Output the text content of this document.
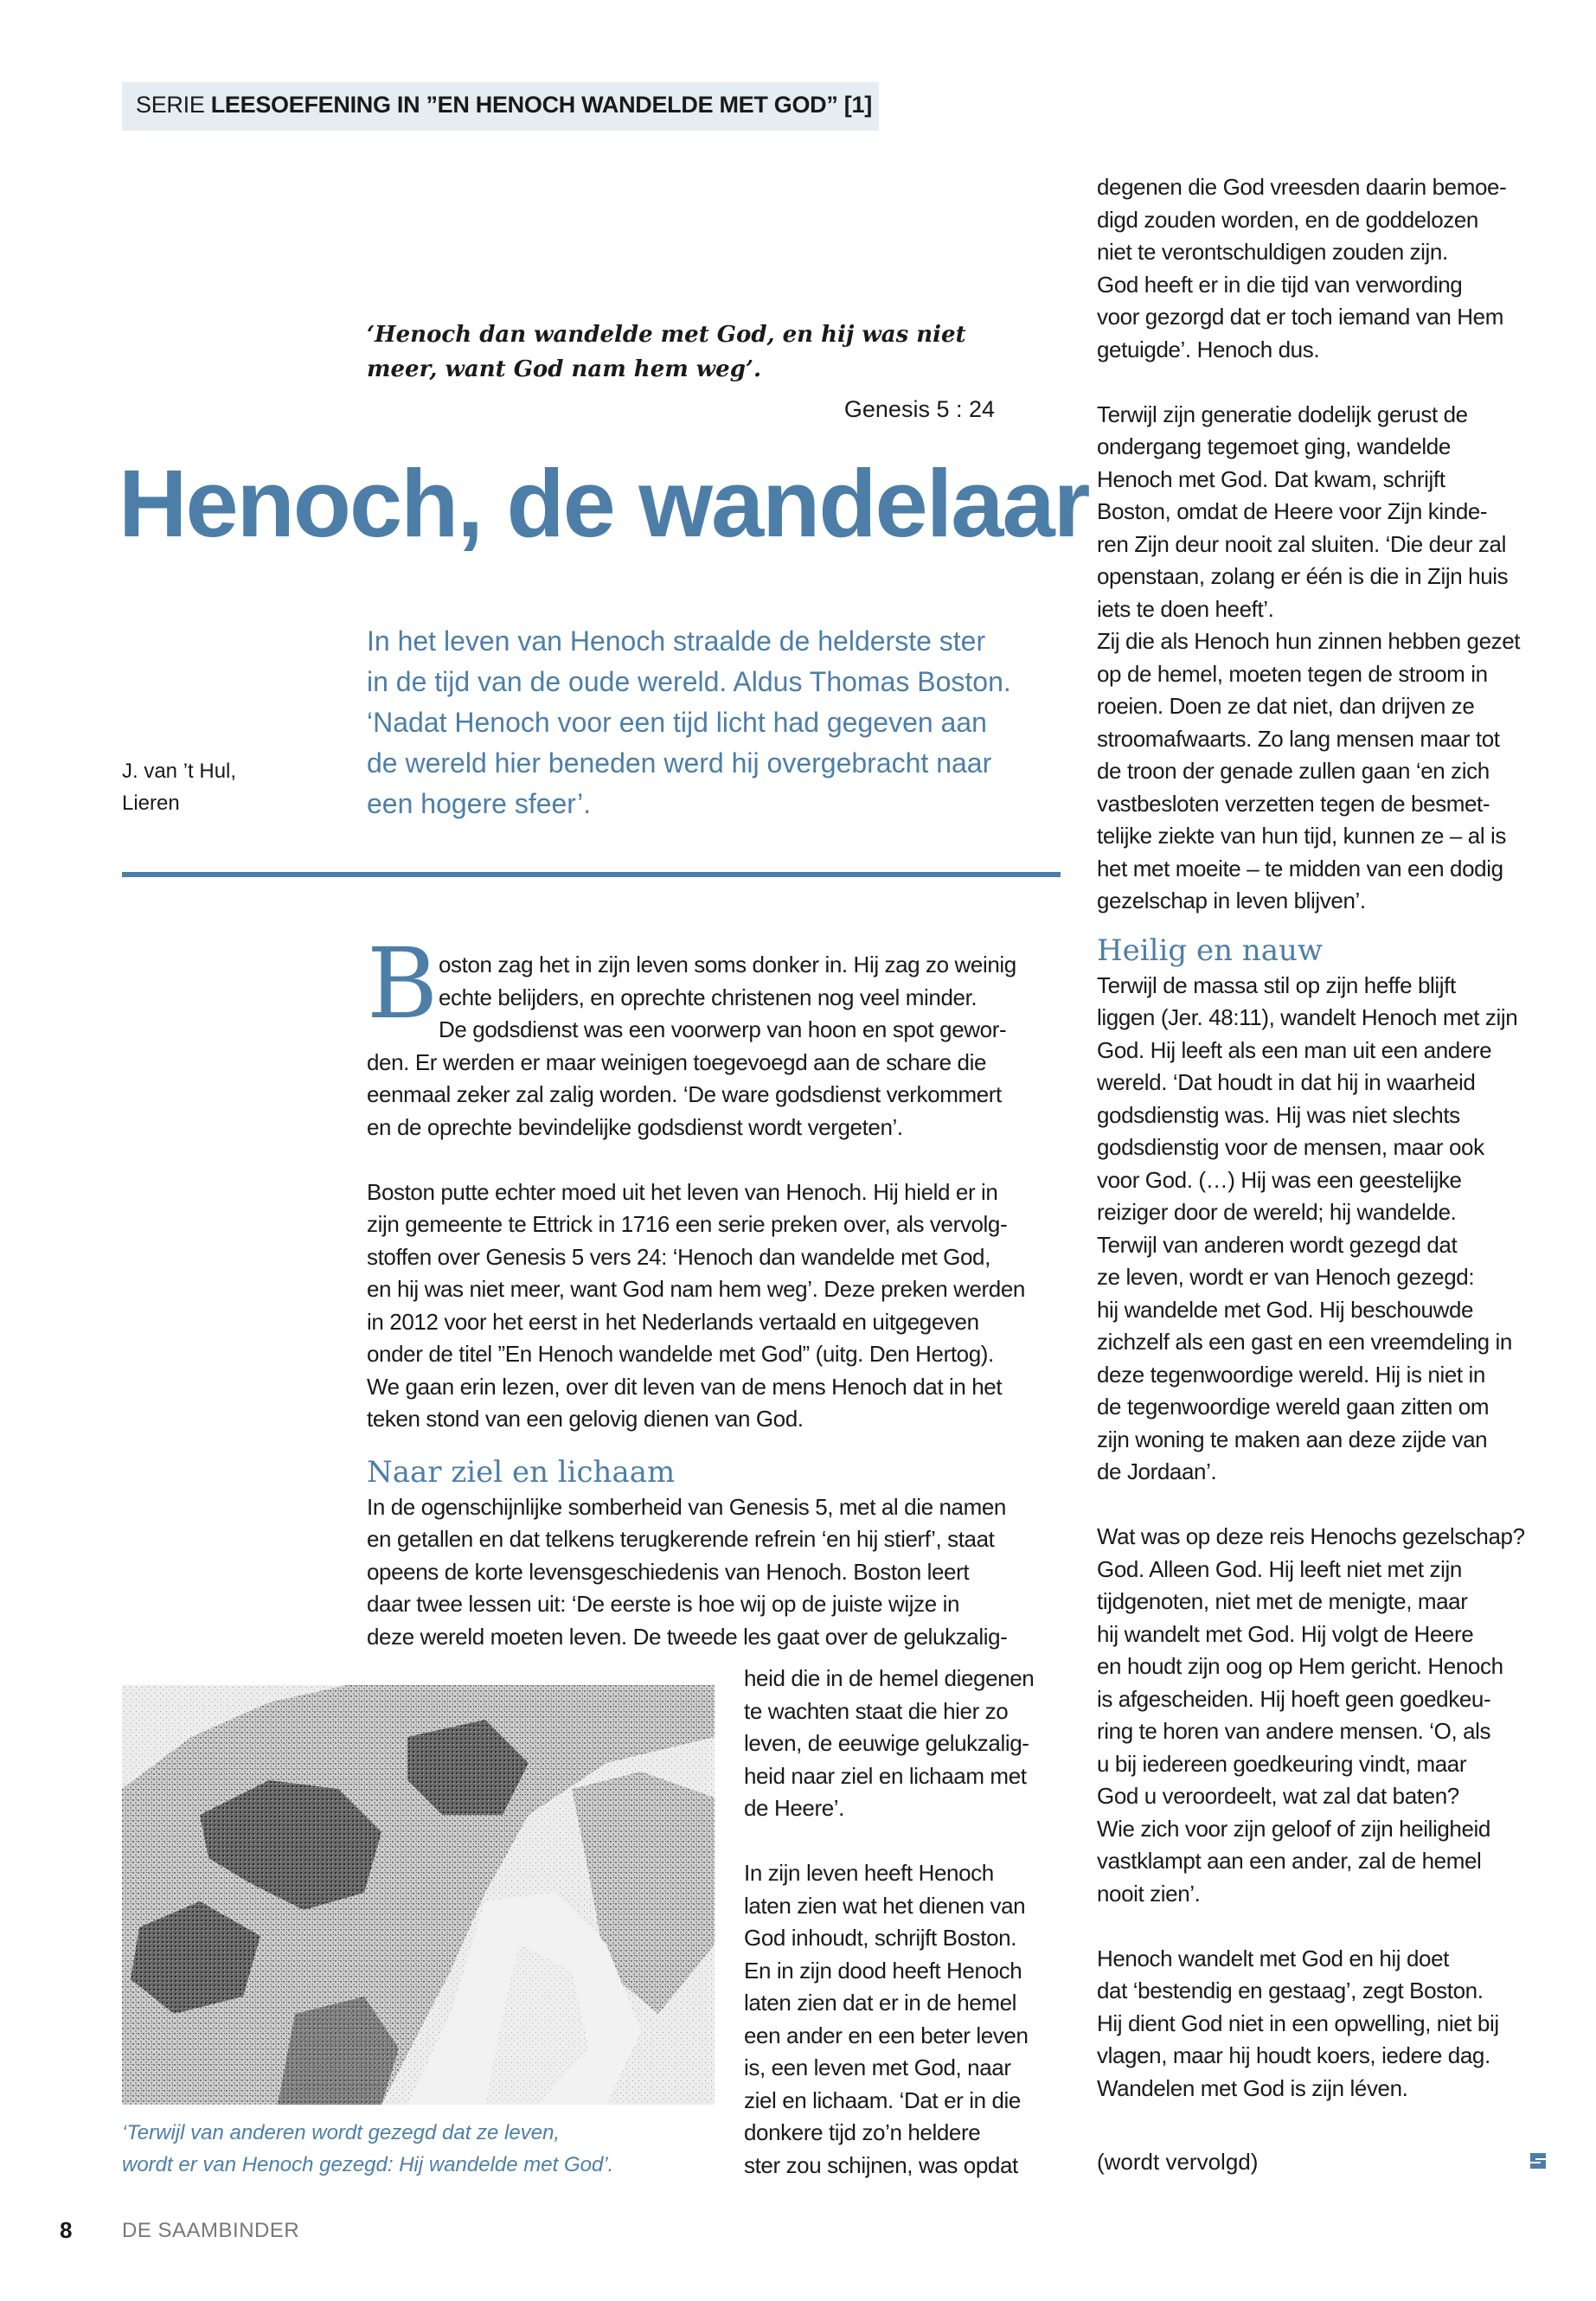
SERIE LEESOEFENING IN ”EN HENOCH WANDELDE MET GOD” [1]
‘Henoch dan wandelde met God, en hij was niet
meer, want God nam hem weg’.
Genesis 5 : 24
Henoch, de wandelaar
In het leven van Henoch straalde de helderste ster
in de tijd van de oude wereld. Aldus Thomas Boston.
‘Nadat Henoch voor een tijd licht had gegeven aan
de wereld hier beneden werd hij overgebracht naar
een hogere sfeer’.
J. van ’t Hul,
Lieren
B oston zag het in zijn leven soms donker in. Hij zag zo weinig
echte belijders, en oprechte christenen nog veel minder.
De godsdienst was een voorwerp van hoon en spot gewor-
den. Er werden er maar weinigen toegevoegd aan de schare die
eenmaal zeker zal zalig worden. ‘De ware godsdienst verkommert
en de oprechte bevindelijke godsdienst wordt vergeten’.
Boston putte echter moed uit het leven van Henoch. Hij hield er in
zijn gemeente te Ettrick in 1716 een serie preken over, als vervolg-
stoffen over Genesis 5 vers 24: ‘Henoch dan wandelde met God,
en hij was niet meer, want God nam hem weg’. Deze preken werden
in 2012 voor het eerst in het Nederlands vertaald en uitgegeven
onder de titel ”En Henoch wandelde met God” (uitg. Den Hertog).
We gaan erin lezen, over dit leven van de mens Henoch dat in het
teken stond van een gelovig dienen van God.
Naar ziel en lichaam
In de ogenschijnlijke somberheid van Genesis 5, met al die namen
en getallen en dat telkens terugkerende refrein ‘en hij stierf’, staat
opeens de korte levensgeschiedenis van Henoch. Boston leert
daar twee lessen uit: ‘De eerste is hoe wij op de juiste wijze in
deze wereld moeten leven. De tweede les gaat over de gelukzalig-
heid die in de hemel diegenen
te wachten staat die hier zo
leven, de eeuwige gelukzalig-
heid naar ziel en lichaam met
de Heere’.
In zijn leven heeft Henoch
laten zien wat het dienen van
God inhoudt, schrijft Boston.
En in zijn dood heeft Henoch
laten zien dat er in de hemel
een ander en een beter leven
is, een leven met God, naar
ziel en lichaam. ‘Dat er in die
donkere tijd zo’n heldere
ster zou schijnen, was opdat
degenen die God vreesden daarin bemoe-
digd zouden worden, en de goddelozen
niet te verontschuldigen zouden zijn.
God heeft er in die tijd van verwording
voor gezorgd dat er toch iemand van Hem
getuigde’. Henoch dus.
Terwijl zijn generatie dodelijk gerust de
ondergang tegemoet ging, wandelde
Henoch met God. Dat kwam, schrijft
Boston, omdat de Heere voor Zijn kinde-
ren Zijn deur nooit zal sluiten. ‘Die deur zal
openstaan, zolang er één is die in Zijn huis
iets te doen heeft’.
Zij die als Henoch hun zinnen hebben gezet
op de hemel, moeten tegen de stroom in
roeien. Doen ze dat niet, dan drijven ze
stroomafwaarts. Zo lang mensen maar tot
de troon der genade zullen gaan ‘en zich
vastbesloten verzetten tegen de besmet-
telijke ziekte van hun tijd, kunnen ze – al is
het met moeite – te midden van een dodig
gezelschap in leven blijven’.
Heilig en nauw
Terwijl de massa stil op zijn heffe blijft
liggen (Jer. 48:11), wandelt Henoch met zijn
God. Hij leeft als een man uit een andere
wereld. ‘Dat houdt in dat hij in waarheid
godsdienstig was. Hij was niet slechts
godsdienstig voor de mensen, maar ook
voor God. (…) Hij was een geestelijke
reiziger door de wereld; hij wandelde.
Terwijl van anderen wordt gezegd dat
ze leven, wordt er van Henoch gezegd:
hij wandelde met God. Hij beschouwde
zichzelf als een gast en een vreemdeling in
deze tegenwoordige wereld. Hij is niet in
de tegenwoordige wereld gaan zitten om
zijn woning te maken aan deze zijde van
de Jordaan’.
Wat was op deze reis Henochs gezelschap?
God. Alleen God. Hij leeft niet met zijn
tijdgenoten, niet met de menigte, maar
hij wandelt met God. Hij volgt de Heere
en houdt zijn oog op Hem gericht. Henoch
is afgescheiden. Hij hoeft geen goedkeu-
ring te horen van andere mensen. ‘O, als
u bij iedereen goedkeuring vindt, maar
God u veroordeelt, wat zal dat baten?
Wie zich voor zijn geloof of zijn heiligheid
vastklampt aan een ander, zal de hemel
nooit zien’.
Henoch wandelt met God en hij doet
dat ‘bestendig en gestaag’, zegt Boston.
Hij dient God niet in een opwelling, niet bij
vlagen, maar hij houdt koers, iedere dag.
Wandelen met God is zijn léven.
(wordt vervolgd)
‘Terwijl van anderen wordt gezegd dat ze leven,
wordt er van Henoch gezegd: Hij wandelde met God’.
8 DE SAAMBINDER
